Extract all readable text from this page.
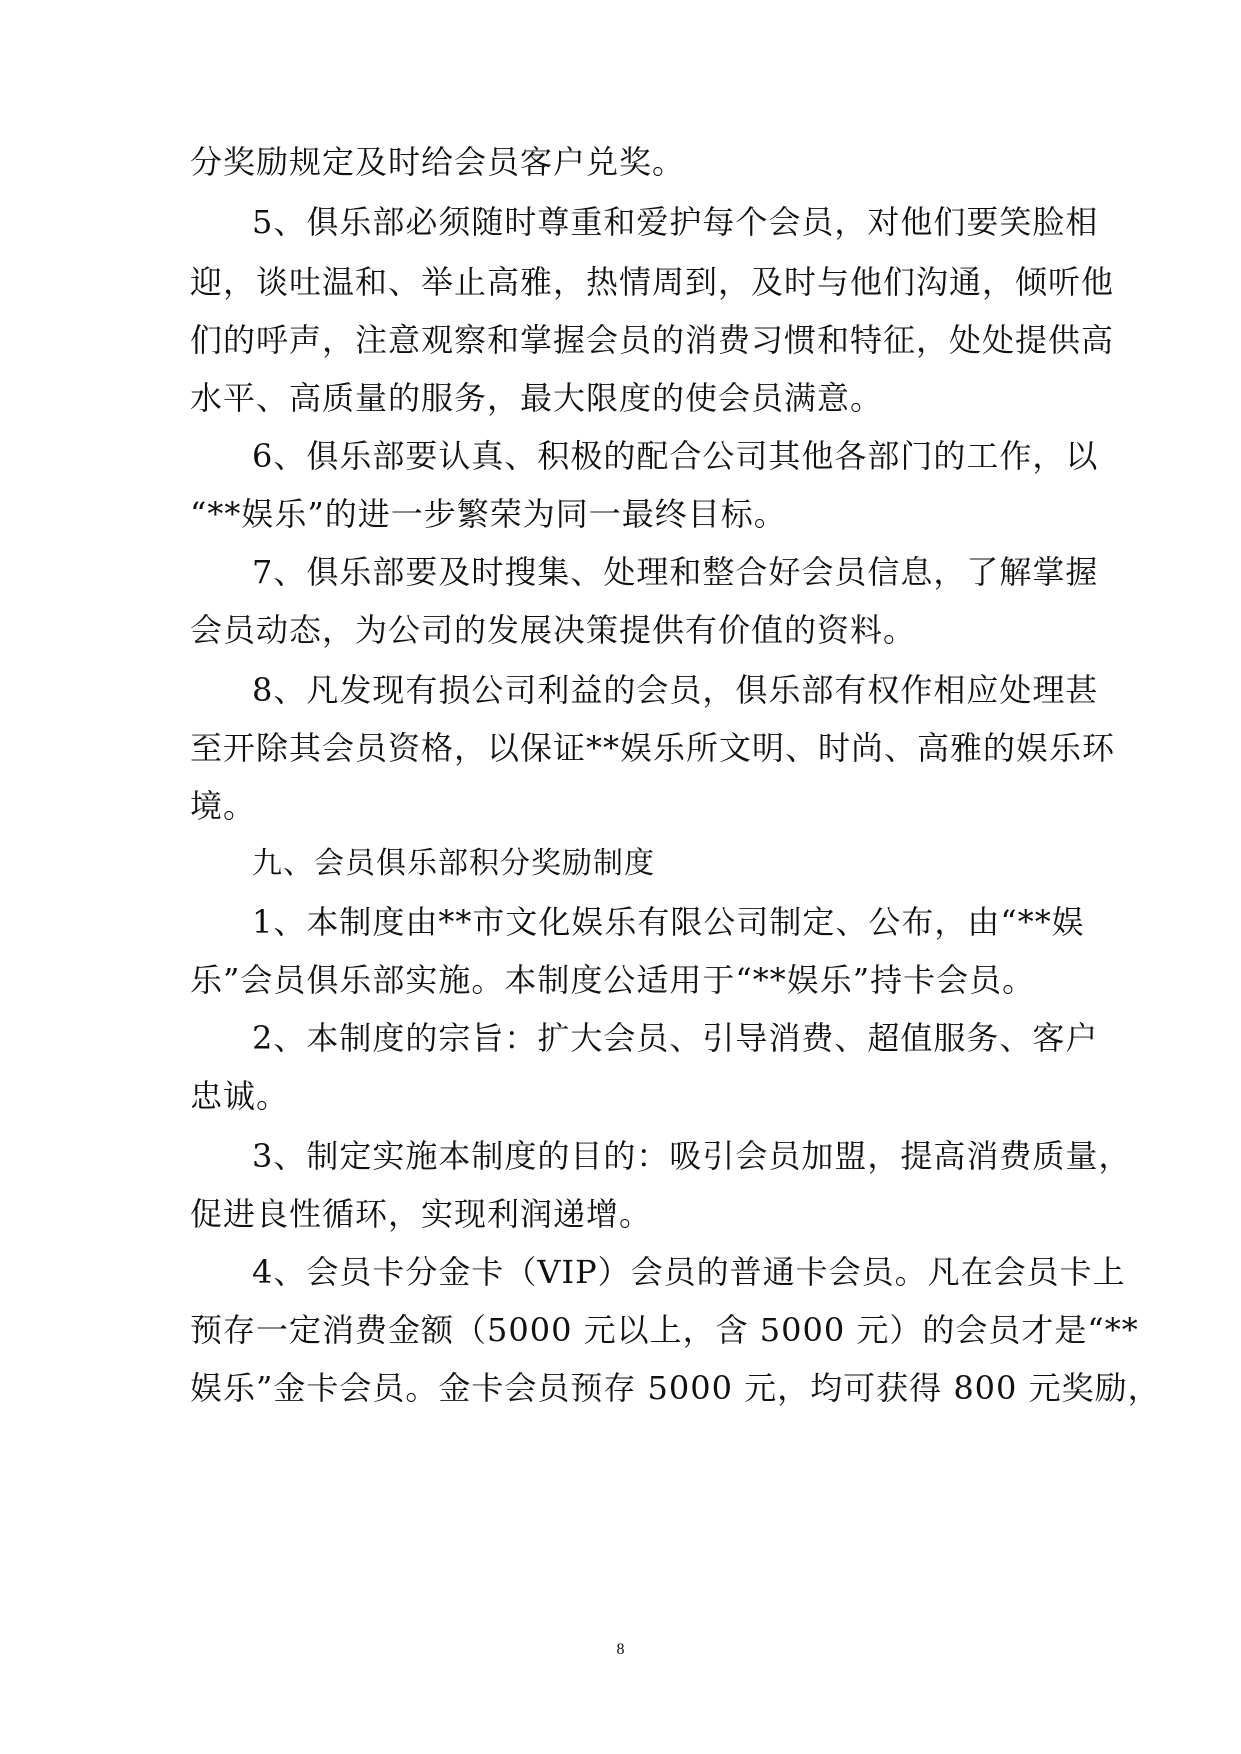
分奖励规定及时给会员客户兑奖。
5、俱乐部必须随时尊重和爱护每个会员，对他们要笑脸相
迎，谈吐温和、举止高雅，热情周到，及时与他们沟通，倾听他
们的呼声，注意观察和掌握会员的消费习惯和特征，处处提供高
水平、高质量的服务，最大限度的使会员满意。
6、俱乐部要认真、积极的配合公司其他各部门的工作，以
“**娱乐”的进一步繁荣为同一最终目标。
7、俱乐部要及时搜集、处理和整合好会员信息，了解掌握
会员动态，为公司的发展决策提供有价值的资料。
8、凡发现有损公司利益的会员，俱乐部有权作相应处理甚
至开除其会员资格，以保证**娱乐所文明、时尚、高雅的娱乐环
境。
九、会员俱乐部积分奖励制度
1、本制度由**市文化娱乐有限公司制定、公布，由“**娱
乐”会员俱乐部实施。本制度公适用于“**娱乐”持卡会员。
2、本制度的宗旨：扩大会员、引导消费、超值服务、客户
忠诚。
3、制定实施本制度的目的：吸引会员加盟，提高消费质量，
促进良性循环，实现利润递增。
4、会员卡分金卡（VIP）会员的普通卡会员。凡在会员卡上
预存一定消费金额（5000 元以上，含 5000 元）的会员才是“**
娱乐”金卡会员。金卡会员预存 5000 元，均可获得 800 元奖励，
8
